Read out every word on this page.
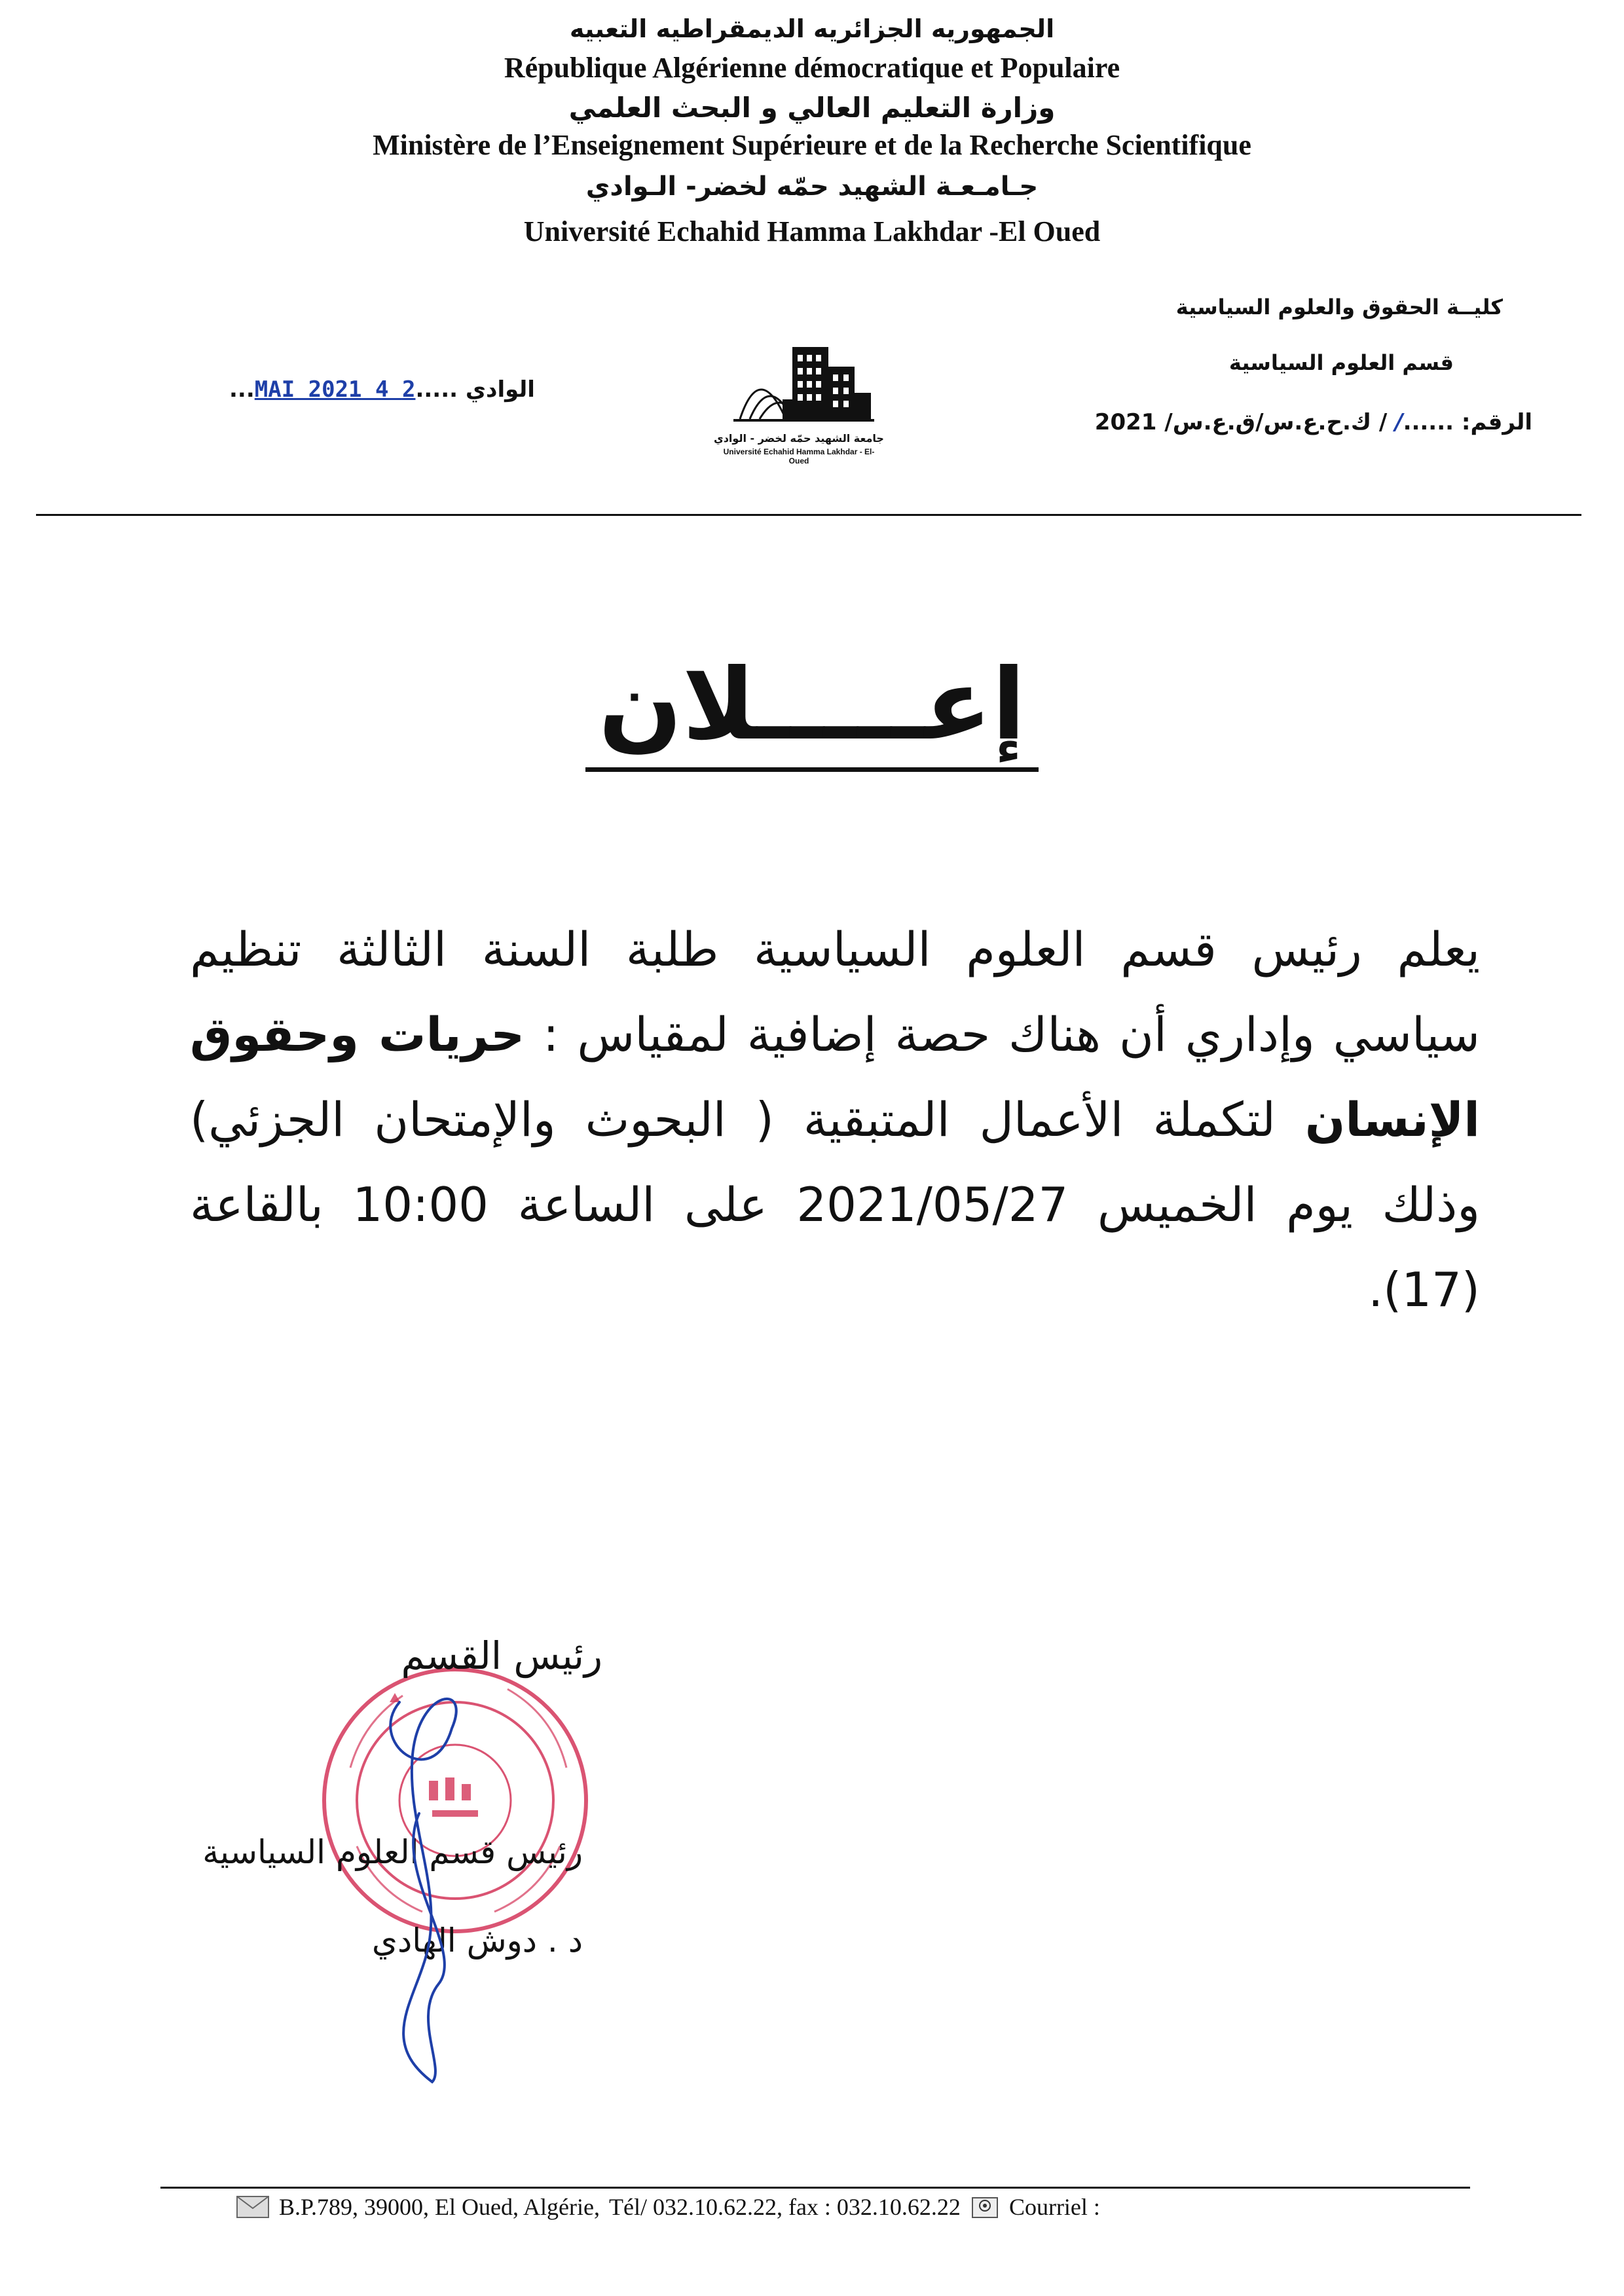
الجمهوريه الجزائريه الديمقراطيه التعبيه
République Algérienne démocratique et Populaire
وزارة التعليم العالي و البحث العلمي
Ministère de l’Enseignement Supérieure et de la Recherche Scientifique
جـامـعـة الشهيد حمّه لخضر- الـوادي
Université Echahid Hamma Lakhdar -El Oued
كليــة الحقوق والعلوم السياسية
قسم العلوم السياسية
الرقم: ....../ / ك.ح.ع.س/ق.ع.س/ 2021
الوادي .....2 4 MAI 2021...
جامعة الشهيد حمّه لخضر - الوادي
Université Echahid Hamma Lakhdar - El-Oued
إعـــــلان
يعلم رئيس قسم العلوم السياسية طلبة السنة الثالثة تنظيم سياسي وإداري أن هناك حصة إضافية لمقياس : حريات وحقوق الإنسان لتكملة الأعمال المتبقية ( البحوث والإمتحان الجزئي) وذلك يوم الخميس 2021/05/27 على الساعة 10:00 بالقاعة (17).
رئيس القسم
رئيس قسم العلوم السياسية
د . دوش الهادي
B.P.789, 39000, El Oued, Algérie, Tél/ 032.10.62.22, fax : 032.10.62.22 Courriel :
